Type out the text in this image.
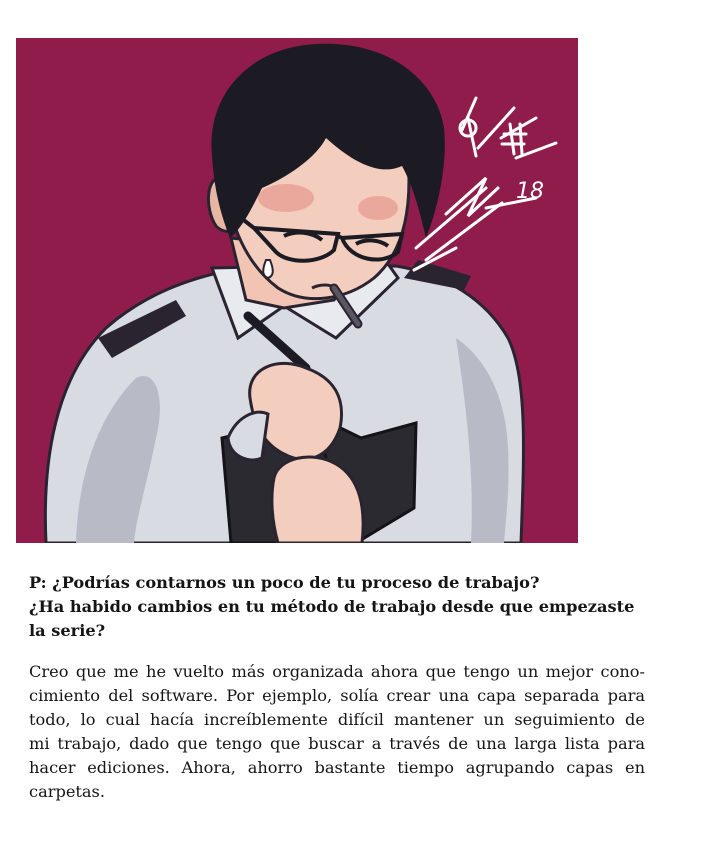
18
P: ¿Podrías contarnos un poco de tu proceso de trabajo?
¿Ha habido cambios en tu método de trabajo desde que empezaste
la serie?
Creo que me he vuelto más organizada ahora que tengo un mejor cono-
cimiento del software. Por ejemplo, solía crear una capa separada para
todo, lo cual hacía increíblemente difícil mantener un seguimiento de
mi trabajo, dado que tengo que buscar a través de una larga lista para
hacer ediciones. Ahora, ahorro bastante tiempo agrupando capas en
carpetas.
